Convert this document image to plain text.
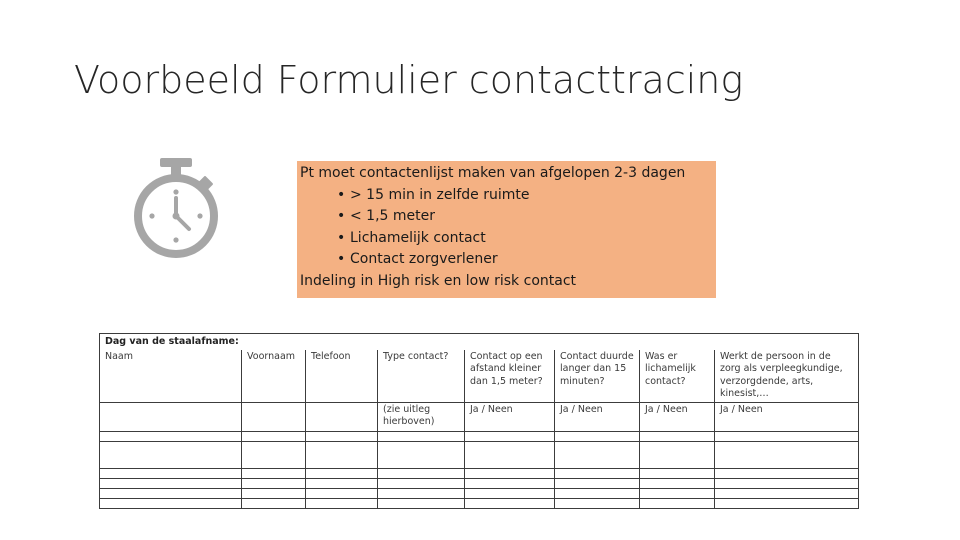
Voorbeeld Formulier contacttracing
Pt moet contactenlijst maken van afgelopen 2-3 dagen
• > 15 min in zelfde ruimte
• < 1,5 meter
• Lichamelijk contact
• Contact zorgverlener
Indeling in High risk en low risk contact
Dag van de staalafname:							
Naam	Voornaam	Telefoon	Type contact?	Contact op een afstand kleiner dan 1,5 meter?	Contact duurde langer dan 15 minuten?	Was er lichamelijk contact?	Werkt de persoon in de zorg als verpleegkundige, verzorgdende, arts, kinesist,…
			(zie uitleg hierboven)	Ja / Neen	Ja / Neen	Ja / Neen	Ja / Neen
